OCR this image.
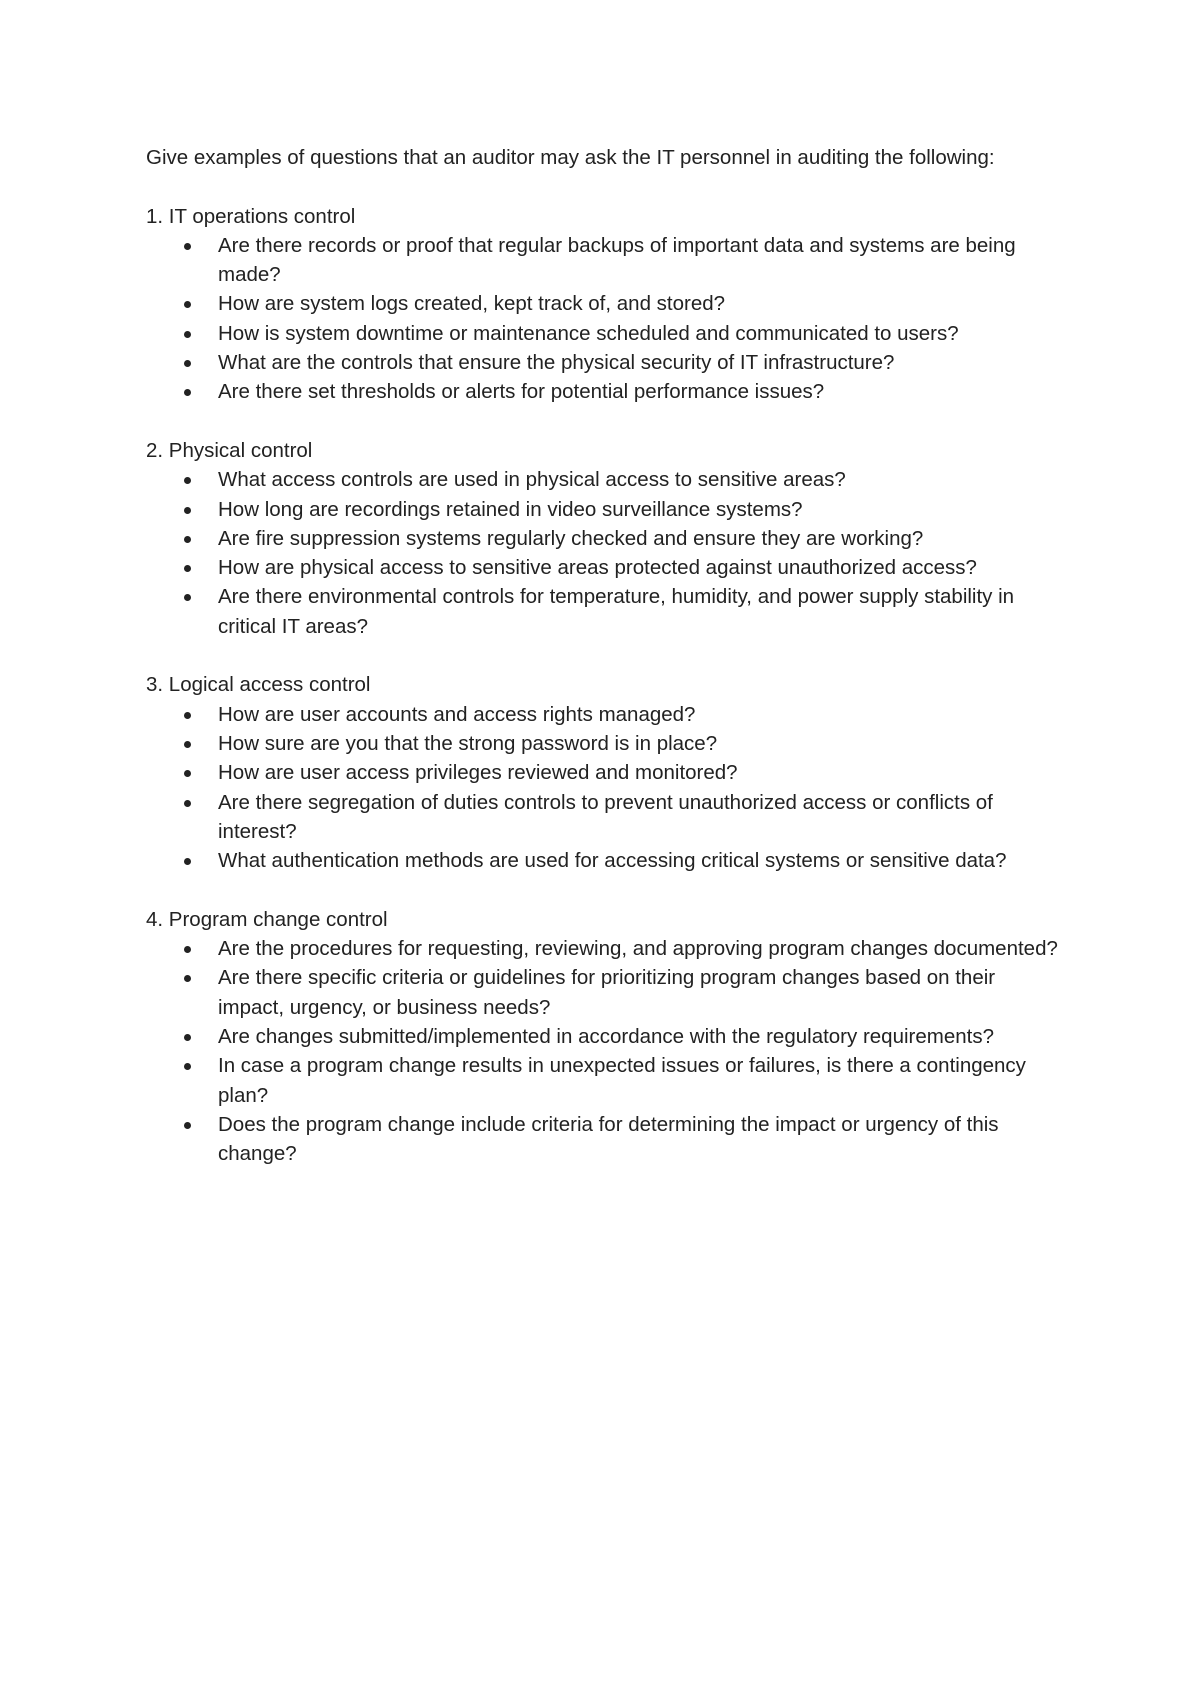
Give examples of questions that an auditor may ask the IT personnel in auditing the following:

1. IT operations control

Are there records or proof that regular backups of important data and systems are being made?
How are system logs created, kept track of, and stored?
How is system downtime or maintenance scheduled and communicated to users?
What are the controls that ensure the physical security of IT infrastructure?
Are there set thresholds or alerts for potential performance issues?

2. Physical control

What access controls are used in physical access to sensitive areas?
How long are recordings retained in video surveillance systems?
Are fire suppression systems regularly checked and ensure they are working?
How are physical access to sensitive areas protected against unauthorized access?
Are there environmental controls for temperature, humidity, and power supply stability in critical IT areas?

3. Logical access control

How are user accounts and access rights managed?
How sure are you that the strong password is in place?
How are user access privileges reviewed and monitored?
Are there segregation of duties controls to prevent unauthorized access or conflicts of interest?
What authentication methods are used for accessing critical systems or sensitive data?

4. Program change control

Are the procedures for requesting, reviewing, and approving program changes documented?
Are there specific criteria or guidelines for prioritizing program changes based on their impact, urgency, or business needs?
Are changes submitted/implemented in accordance with the regulatory requirements?
In case a program change results in unexpected issues or failures, is there a contingency plan?
Does the program change include criteria for determining the impact or urgency of this change?
